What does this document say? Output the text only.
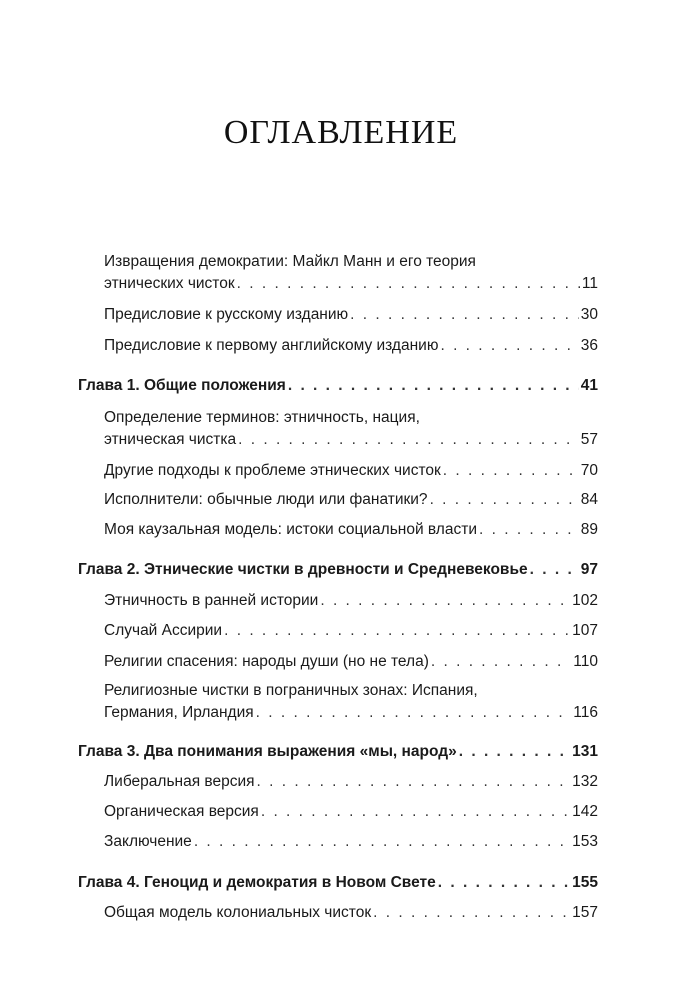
ОГЛАВЛЕНИЕ
Извращения демократии: Майкл Манн и его теория
этнических чисток . . .	11
Предисловие к русскому изданию . . .	30
Предисловие к первому английскому изданию . . .	36
Глава 1. Общие положения . . .	41
Определение терминов: этничность, нация,
этническая чистка . . .	57
Другие подходы к проблеме этнических чисток . . .	70
Исполнители: обычные люди или фанатики? . . .	84
Моя каузальная модель: истоки социальной власти . . .	89
Глава 2. Этнические чистки в древности и Средневековье . . .	97
Этничность в ранней истории . . .	102
Случай Ассирии . . .	107
Религии спасения: народы души (но не тела) . . .	110
Религиозные чистки в пограничных зонах: Испания,
Германия, Ирландия . . .	116
Глава 3. Два понимания выражения «мы, народ» . . .	131
Либеральная версия . . .	132
Органическая версия . . .	142
Заключение . . .	153
Глава 4. Геноцид и демократия в Новом Свете . . .	155
Общая модель колониальных чисток . . .	157
